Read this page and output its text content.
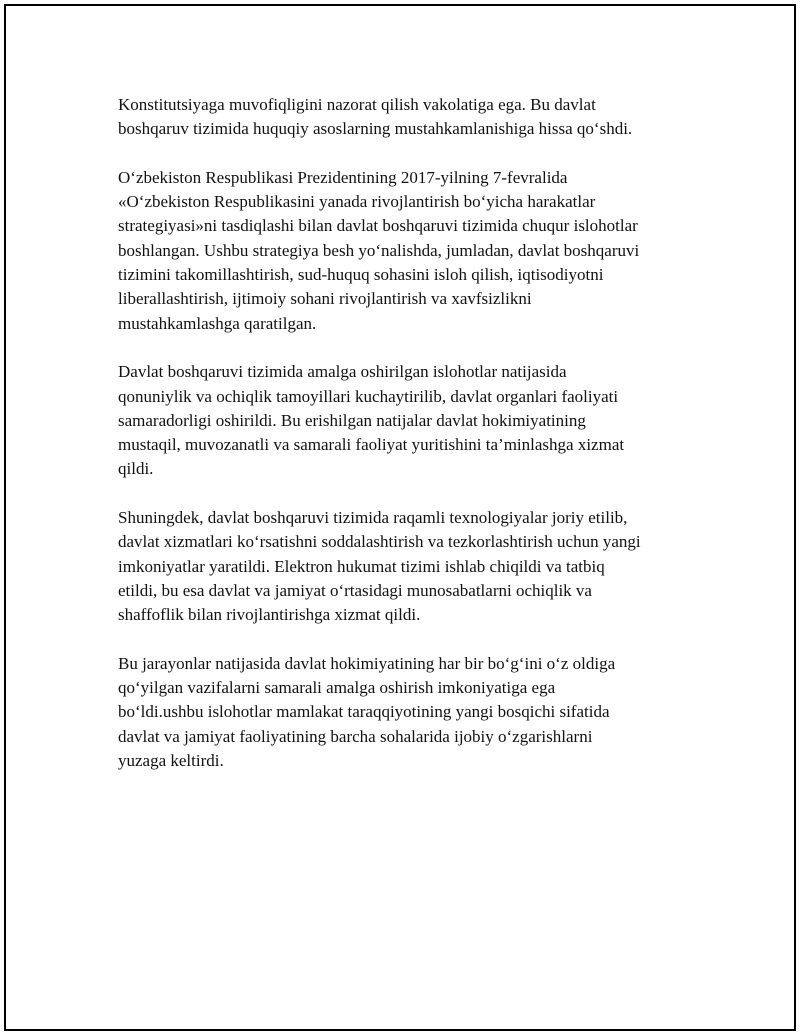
Konstitutsiyaga muvofiqligini nazorat qilish vakolatiga ega. Bu davlat
boshqaruv tizimida huquqiy asoslarning mustahkamlanishiga hissa qo‘shdi.

O‘zbekiston Respublikasi Prezidentining 2017-yilning 7-fevralida
«O‘zbekiston Respublikasini yanada rivojlantirish bo‘yicha harakatlar
strategiyasi»ni tasdiqlashi bilan davlat boshqaruvi tizimida chuqur islohotlar
boshlangan. Ushbu strategiya besh yo‘nalishda, jumladan, davlat boshqaruvi
tizimini takomillashtirish, sud-huquq sohasini isloh qilish, iqtisodiyotni
liberallashtirish, ijtimoiy sohani rivojlantirish va xavfsizlikni
mustahkamlashga qaratilgan.

Davlat boshqaruvi tizimida amalga oshirilgan islohotlar natijasida
qonuniylik va ochiqlik tamoyillari kuchaytirilib, davlat organlari faoliyati
samaradorligi oshirildi. Bu erishilgan natijalar davlat hokimiyatining
mustaqil, muvozanatli va samarali faoliyat yuritishini ta’minlashga xizmat
qildi.

Shuningdek, davlat boshqaruvi tizimida raqamli texnologiyalar joriy etilib,
davlat xizmatlari ko‘rsatishni soddalashtirish va tezkorlashtirish uchun yangi
imkoniyatlar yaratildi. Elektron hukumat tizimi ishlab chiqildi va tatbiq
etildi, bu esa davlat va jamiyat o‘rtasidagi munosabatlarni ochiqlik va
shaffoflik bilan rivojlantirishga xizmat qildi.

Bu jarayonlar natijasida davlat hokimiyatining har bir bo‘g‘ini o‘z oldiga
qo‘yilgan vazifalarni samarali amalga oshirish imkoniyatiga ega
bo‘ldi.ushbu islohotlar mamlakat taraqqiyotining yangi bosqichi sifatida
davlat va jamiyat faoliyatining barcha sohalarida ijobiy o‘zgarishlarni
yuzaga keltirdi.
